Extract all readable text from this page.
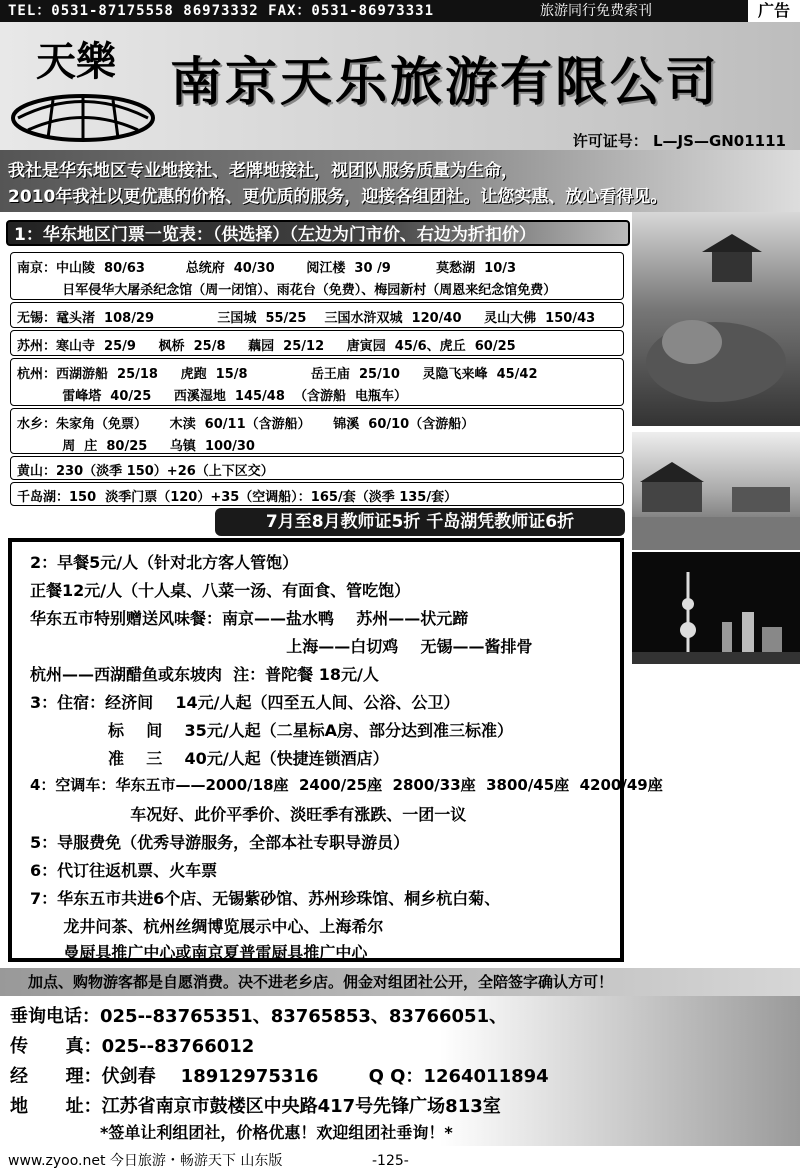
TEL：0531-87175558 86973332 FAX：0531-86973331	旅游同行免费索刊	广告
天樂 南京天乐旅游有限公司
许可证号： L—JS—GN01111
我社是华东地区专业地接社、老牌地接社，视团队服务质量为生命，
2010年我社以更优惠的价格、更优质的服务，迎接各组团社。让您实惠、放心看得见。
1：华东地区门票一览表：（供选择）（左边为门市价、右边为折扣价）
南京：中山陵  80/63         总统府  40/30       阅江楼  30 /9          莫愁湖  10/3
日军侵华大屠杀纪念馆（周一闭馆）、雨花台（免费）、梅园新村（周恩来纪念馆免费）
无锡：鼋头渚  108/29              三国城  55/25    三国水浒双城  120/40     灵山大佛  150/43
苏州：寒山寺  25/9     枫桥  25/8     藕园  25/12     唐寅园  45/6、虎丘  60/25
杭州：西湖游船  25/18     虎跑  15/8              岳王庙  25/10     灵隐飞来峰  45/42
雷峰塔  40/25     西溪湿地  145/48  （含游船  电瓶车）
水乡：朱家角（免票）     木渎  60/11（含游船）     锦溪  60/10（含游船）
周  庄  80/25     乌镇  100/30
黄山：230（淡季 150）+26（上下区交）
千岛湖：150  淡季门票（120）+35（空调船）：165/套（淡季 135/套）
7月至8月教师证5折 千岛湖凭教师证6折
2：早餐5元/人（针对北方客人管饱）
正餐12元/人（十人桌、八菜一汤、有面食、管吃饱）
华东五市特别赠送风味餐：南京——盐水鸭    苏州——状元蹄
上海——白切鸡    无锡——酱排骨
杭州——西湖醋鱼或东坡肉  注：普陀餐 18元/人
3：住宿：经济间    14元/人起（四至五人间、公浴、公卫）
标    间    35元/人起（二星标A房、部分达到准三标准）
准    三    40元/人起（快捷连锁酒店）
4：空调车：华东五市——2000/18座  2400/25座  2800/33座  3800/45座  4200/49座
车况好、此价平季价、淡旺季有涨跌、一团一议
5：导服费免（优秀导游服务，全部本社专职导游员）
6：代订往返机票、火车票
7：华东五市共进6个店、无锡紫砂馆、苏州珍珠馆、桐乡杭白菊、
龙井问茶、杭州丝绸博览展示中心、上海希尔
曼厨具推广中心或南京夏普雷厨具推广中心
加点、购物游客都是自愿消费。决不进老乡店。佣金对组团社公开，全陪签字确认方可！
垂询电话：025--83765351、83765853、83766051、
传      真：025--83766012
经      理：伏剑春    18912975316        Q Q：1264011894
地      址：江苏省南京市鼓楼区中央路417号先锋广场813室
*签单让利组团社，价格优惠！欢迎组团社垂询！*
www.zyoo.net 今日旅游・畅游天下 山东版	-125-
